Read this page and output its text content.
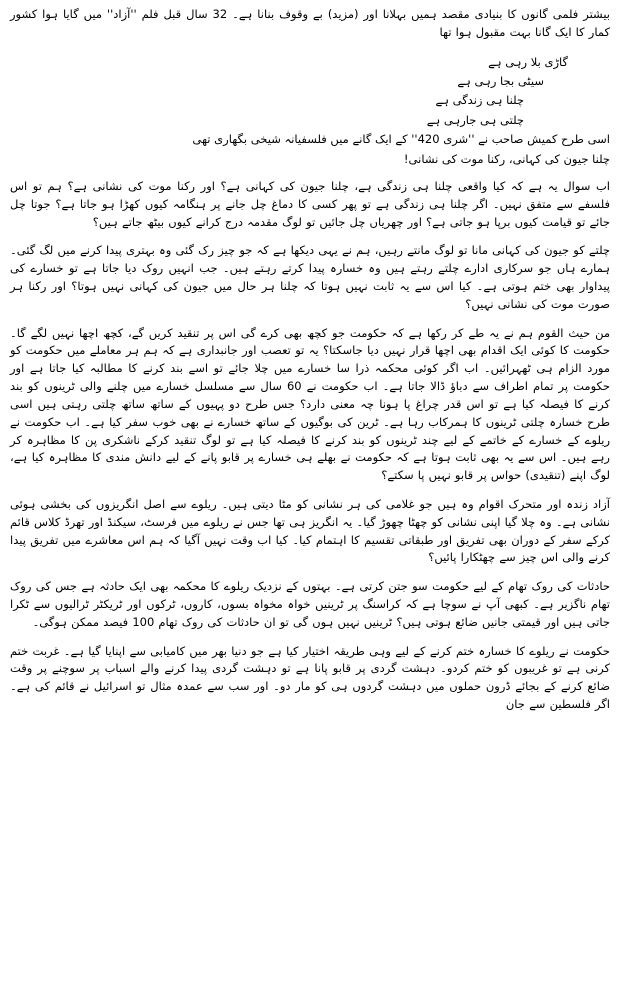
بیشتر فلمی گانوں کا بنیادی مقصد ہمیں بہلانا اور (مزید) بے وقوف بنانا ہے۔ 32 سال قبل فلم ''آزاد'' میں گایا ہوا کشور کمار کا ایک گانا بہت مقبول ہوا تھا

گاڑی بلا رہی ہے
سیٹی بجا رہی ہے
چلنا ہی زندگی ہے
چلتی ہی جارہی ہے
اسی طرح کمیش صاحب نے ''شری 420'' کے ایک گانے میں فلسفیانہ شیخی بگھاری تھی
چلنا جیون کی کہانی، رکنا موت کی نشانی!

اب سوال یہ ہے کہ کیا واقعی چلنا ہی زندگی ہے، چلنا جیون کی کہانی ہے؟ اور رکنا موت کی نشانی ہے؟ ہم تو اس فلسفے سے متفق نہیں۔ اگر چلنا ہی زندگی ہے تو پھر کسی کا دماغ چل جانے پر ہنگامہ کیوں کھڑا ہو جاتا ہے؟ جوتا چل جائے تو قیامت کیوں برپا ہو جاتی ہے؟ اور چھریاں چل جائیں تو لوگ مقدمہ درج کرانے کیوں بیٹھ جاتے ہیں؟

چلتے کو جیون کی کہانی مانا تو لوگ مانتے رہیں، ہم نے یہی دیکھا ہے کہ جو چیز رک گئی وہ بہتری پیدا کرنے میں لگ گئی۔ ہمارے ہاں جو سرکاری ادارے چلتے رہتے ہیں وہ خسارہ پیدا کرتے رہتے ہیں۔ جب انہیں روک دیا جاتا ہے تو خسارے کی پیداوار بھی ختم ہوتی ہے۔ کیا اس سے یہ ثابت نہیں ہوتا کہ چلنا ہر حال میں جیون کی کہانی نہیں ہوتا؟ اور رکنا ہر صورت موت کی نشانی نہیں؟

من حیث القوم ہم نے یہ طے کر رکھا ہے کہ حکومت جو کچھ بھی کرے گی اس پر تنقید کریں گے، کچھ اچھا نہیں لگے گا۔ حکومت کا کوئی ایک اقدام بھی اچھا قرار نہیں دیا جاسکتا؟ یہ تو تعصب اور جانبداری ہے کہ ہم ہر معاملے میں حکومت کو مورد الزام ہی ٹھہرائیں۔ اب اگر کوئی محکمہ ذرا سا خسارے میں چلا جائے تو اسے بند کرنے کا مطالبہ کیا جاتا ہے اور حکومت پر تمام اطراف سے دباؤ ڈالا جاتا ہے۔ اب حکومت نے 60 سال سے مسلسل خسارے میں چلنے والی ٹرینوں کو بند کرنے کا فیصلہ کیا ہے تو اس قدر چراغ پا ہونا چہ معنی دارد؟ جس طرح دو پہیوں کے ساتھ ساتھ چلتی رہتی ہیں اسی طرح خسارہ چلتی ٹرینوں کا ہمرکاب رہا ہے۔ ٹرین کی بوگیوں کے ساتھ خسارے نے بھی خوب سفر کیا ہے۔ اب حکومت نے ریلوے کے خسارے کے خاتمے کے لیے چند ٹرینوں کو بند کرنے کا فیصلہ کیا ہے تو لوگ تنقید کرکے ناشکری پن کا مظاہرہ کر رہے ہیں۔ اس سے یہ بھی ثابت ہوتا ہے کہ حکومت نے بھلے ہی خسارے پر قابو پانے کے لیے دانش مندی کا مظاہرہ کیا ہے، لوگ اپنے (تنقیدی) حواس پر قابو نہیں پا سکتے؟

آزاد زندہ اور متحرک اقوام وہ ہیں جو غلامی کی ہر نشانی کو مٹا دیتی ہیں۔ ریلوے سے اصل انگریزوں کی بخشی ہوئی نشانی ہے۔ وہ چلا گیا اپنی نشانی کو چھٹا چھوڑ گیا۔ یہ انگریز ہی تھا جس نے ریلوے میں فرسٹ، سیکنڈ اور تھرڈ کلاس قائم کرکے سفر کے دوران بھی تفریق اور طبقاتی تقسیم کا اہتمام کیا۔ کیا اب وقت نہیں آگیا کہ ہم اس معاشرے میں تفریق پیدا کرنے والی اس چیز سے چھٹکارا پائیں؟

حادثات کی روک تھام کے لیے حکومت سو جتن کرتی ہے۔ بہتوں کے نزدیک ریلوے کا محکمہ بھی ایک حادثہ ہے جس کی روک تھام ناگزیر ہے۔ کبھی آپ نے سوچا ہے کہ کراسنگ پر ٹرینیں خواہ مخواہ بسوں، کاروں، ٹرکوں اور ٹریکٹر ٹرالیوں سے ٹکرا جاتی ہیں اور قیمتی جانیں ضائع ہوتی ہیں؟ ٹرینیں نہیں ہوں گی تو ان حادثات کی روک تھام 100 فیصد ممکن ہوگی۔

حکومت نے ریلوے کا خسارہ ختم کرنے کے لیے وہی طریقہ اختیار کیا ہے جو دنیا بھر میں کامیابی سے اپنایا گیا ہے۔ غربت ختم کرنی ہے تو غریبوں کو ختم کردو۔ دہشت گردی پر قابو پانا ہے تو دہشت گردی پیدا کرنے والے اسباب پر سوچنے پر وقت ضائع کرنے کے بجائے ڈرون حملوں میں دہشت گردوں ہی کو مار دو۔ اور سب سے عمدہ مثال تو اسرائیل نے قائم کی ہے۔ اگر فلسطین سے جان
